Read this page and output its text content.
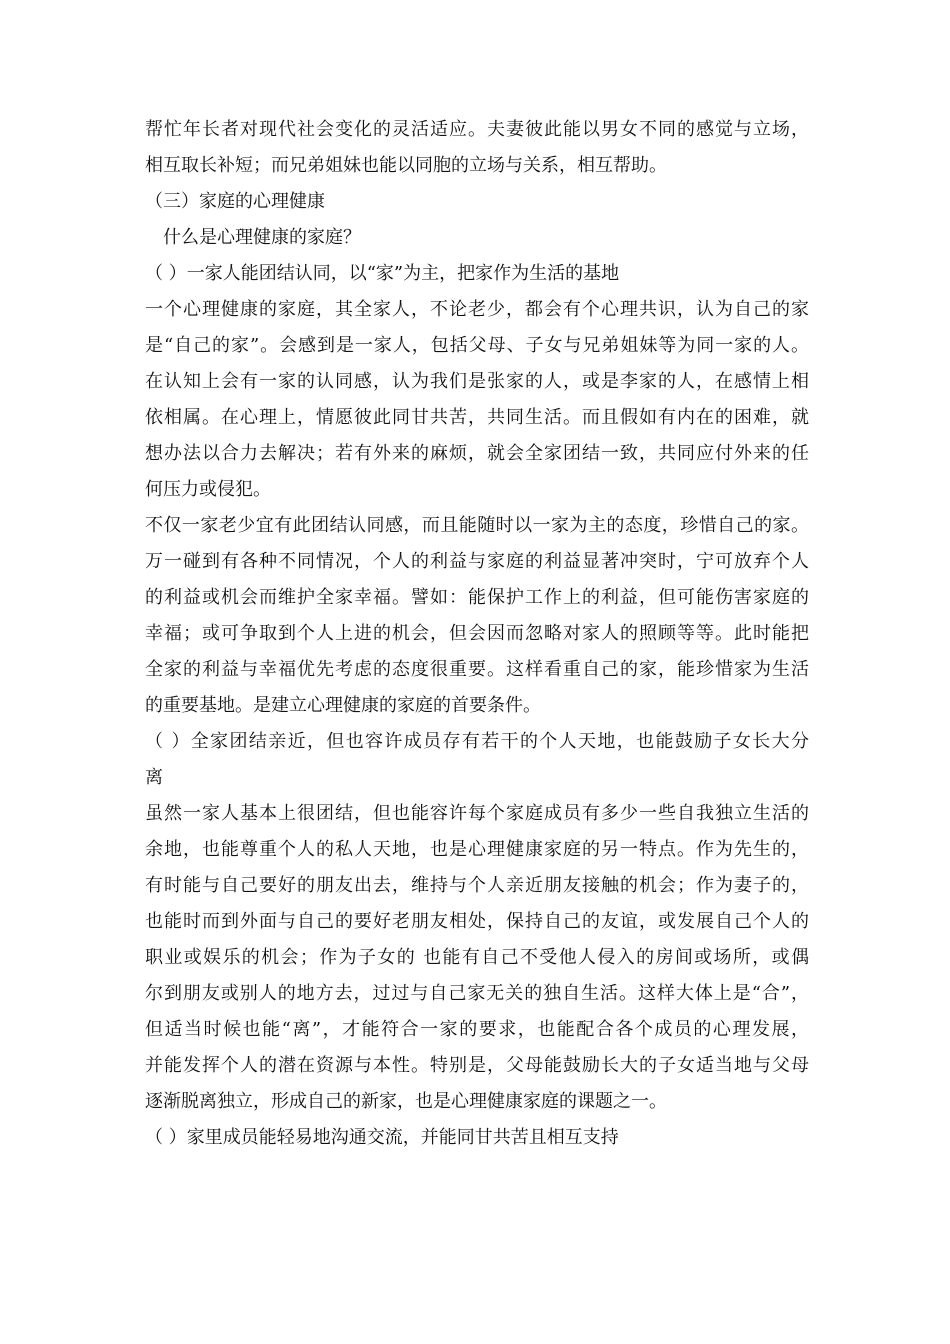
帮忙年长者对现代社会变化的灵活适应。夫妻彼此能以男女不同的感觉与立场，
相互取长补短；而兄弟姐妹也能以同胞的立场与关系，相互帮助。
（三）家庭的心理健康
什么是心理健康的家庭？
（ ）一家人能团结认同，以“家”为主，把家作为生活的基地
一个心理健康的家庭，其全家人，不论老少，都会有个心理共识，认为自己的家
是“自己的家”。会感到是一家人，包括父母、子女与兄弟姐妹等为同一家的人。
在认知上会有一家的认同感，认为我们是张家的人，或是李家的人，在感情上相
依相属。在心理上，情愿彼此同甘共苦，共同生活。而且假如有内在的困难，就
想办法以合力去解决；若有外来的麻烦，就会全家团结一致，共同应付外来的任
何压力或侵犯。
不仅一家老少宜有此团结认同感，而且能随时以一家为主的态度，珍惜自己的家。
万一碰到有各种不同情况，个人的利益与家庭的利益显著冲突时，宁可放弃个人
的利益或机会而维护全家幸福。譬如：能保护工作上的利益，但可能伤害家庭的
幸福；或可争取到个人上进的机会，但会因而忽略对家人的照顾等等。此时能把
全家的利益与幸福优先考虑的态度很重要。这样看重自己的家，能珍惜家为生活
的重要基地。是建立心理健康的家庭的首要条件。
（ ）全家团结亲近，但也容许成员存有若干的个人天地，也能鼓励子女长大分
离
虽然一家人基本上很团结，但也能容许每个家庭成员有多少一些自我独立生活的
余地，也能尊重个人的私人天地，也是心理健康家庭的另一特点。作为先生的，
有时能与自己要好的朋友出去，维持与个人亲近朋友接触的机会；作为妻子的，
也能时而到外面与自己的要好老朋友相处，保持自己的友谊，或发展自己个人的
职业或娱乐的机会；作为子女的 也能有自己不受他人侵入的房间或场所，或偶
尔到朋友或别人的地方去，过过与自己家无关的独自生活。这样大体上是“合”，
但适当时候也能“离”，才能符合一家的要求，也能配合各个成员的心理发展，
并能发挥个人的潜在资源与本性。特别是，父母能鼓励长大的子女适当地与父母
逐渐脱离独立，形成自己的新家，也是心理健康家庭的课题之一。
（ ）家里成员能轻易地沟通交流，并能同甘共苦且相互支持
